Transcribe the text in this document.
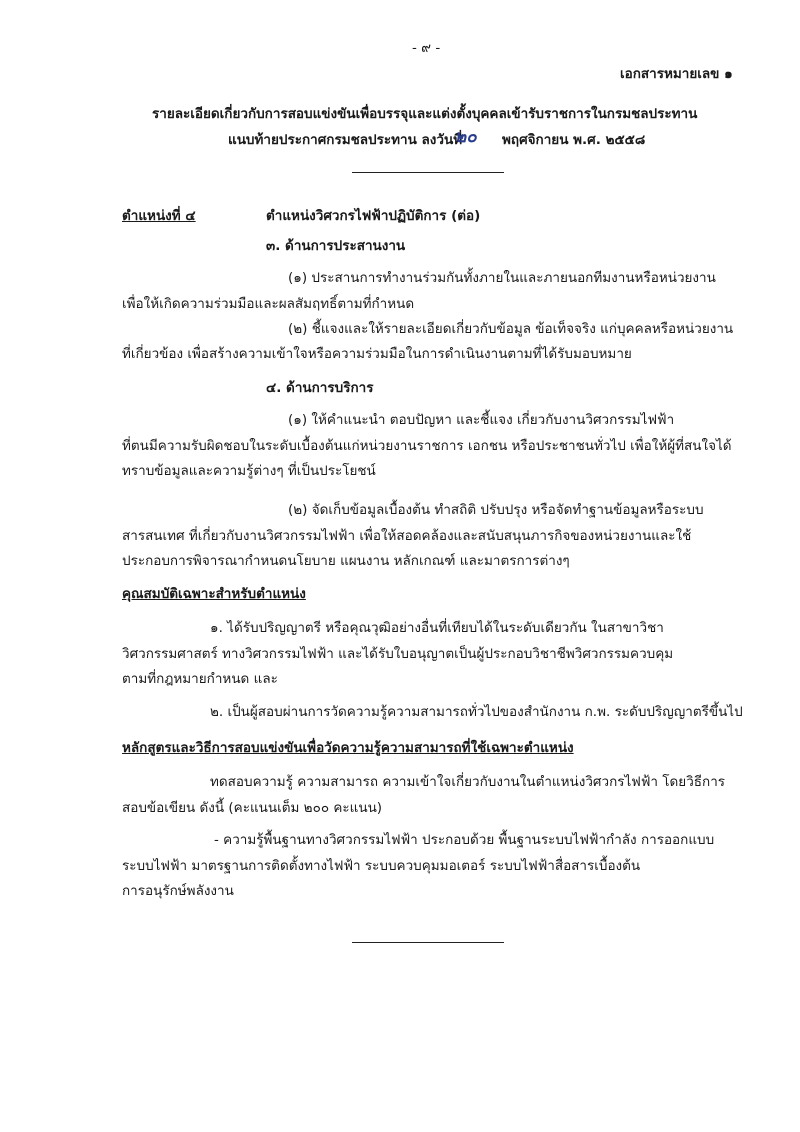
- ๙ -
เอกสารหมายเลข ๑
รายละเอียดเกี่ยวกับการสอบแข่งขันเพื่อบรรจุและแต่งตั้งบุคคลเข้ารับราชการในกรมชลประทาน
แนบท้ายประกาศกรมชลประทาน ลงวันที่
๒๐ พฤศจิกายน พ.ศ. ๒๕๕๘
ตำแหน่งที่ ๔	ตำแหน่งวิศวกรไฟฟ้าปฏิบัติการ (ต่อ)
๓. ด้านการประสานงาน
(๑) ประสานการทำงานร่วมกันทั้งภายในและภายนอกทีมงานหรือหน่วยงาน
เพื่อให้เกิดความร่วมมือและผลสัมฤทธิ์ตามที่กำหนด
(๒) ชี้แจงและให้รายละเอียดเกี่ยวกับข้อมูล ข้อเท็จจริง แก่บุคคลหรือหน่วยงาน
ที่เกี่ยวข้อง เพื่อสร้างความเข้าใจหรือความร่วมมือในการดำเนินงานตามที่ได้รับมอบหมาย
๔. ด้านการบริการ
(๑) ให้คำแนะนำ ตอบปัญหา และชี้แจง เกี่ยวกับงานวิศวกรรมไฟฟ้า
ที่ตนมีความรับผิดชอบในระดับเบื้องต้นแก่หน่วยงานราชการ เอกชน หรือประชาชนทั่วไป เพื่อให้ผู้ที่สนใจได้
ทราบข้อมูลและความรู้ต่างๆ ที่เป็นประโยชน์
(๒) จัดเก็บข้อมูลเบื้องต้น ทำสถิติ ปรับปรุง หรือจัดทำฐานข้อมูลหรือระบบ
สารสนเทศ ที่เกี่ยวกับงานวิศวกรรมไฟฟ้า เพื่อให้สอดคล้องและสนับสนุนภารกิจของหน่วยงานและใช้
ประกอบการพิจารณากำหนดนโยบาย แผนงาน หลักเกณฑ์ และมาตรการต่างๆ
คุณสมบัติเฉพาะสำหรับตำแหน่ง
๑. ได้รับปริญญาตรี หรือคุณวุฒิอย่างอื่นที่เทียบได้ในระดับเดียวกัน ในสาขาวิชา
วิศวกรรมศาสตร์ ทางวิศวกรรมไฟฟ้า และได้รับใบอนุญาตเป็นผู้ประกอบวิชาชีพวิศวกรรมควบคุม
ตามที่กฎหมายกำหนด และ
๒. เป็นผู้สอบผ่านการวัดความรู้ความสามารถทั่วไปของสำนักงาน ก.พ. ระดับปริญญาตรีขึ้นไป
หลักสูตรและวิธีการสอบแข่งขันเพื่อวัดความรู้ความสามารถที่ใช้เฉพาะตำแหน่ง
ทดสอบความรู้ ความสามารถ ความเข้าใจเกี่ยวกับงานในตำแหน่งวิศวกรไฟฟ้า โดยวิธีการ
สอบข้อเขียน ดังนี้ (คะแนนเต็ม ๒๐๐ คะแนน)
- ความรู้พื้นฐานทางวิศวกรรมไฟฟ้า ประกอบด้วย พื้นฐานระบบไฟฟ้ากำลัง การออกแบบ
ระบบไฟฟ้า มาตรฐานการติดตั้งทางไฟฟ้า ระบบควบคุมมอเตอร์ ระบบไฟฟ้าสื่อสารเบื้องต้น
การอนุรักษ์พลังงาน
